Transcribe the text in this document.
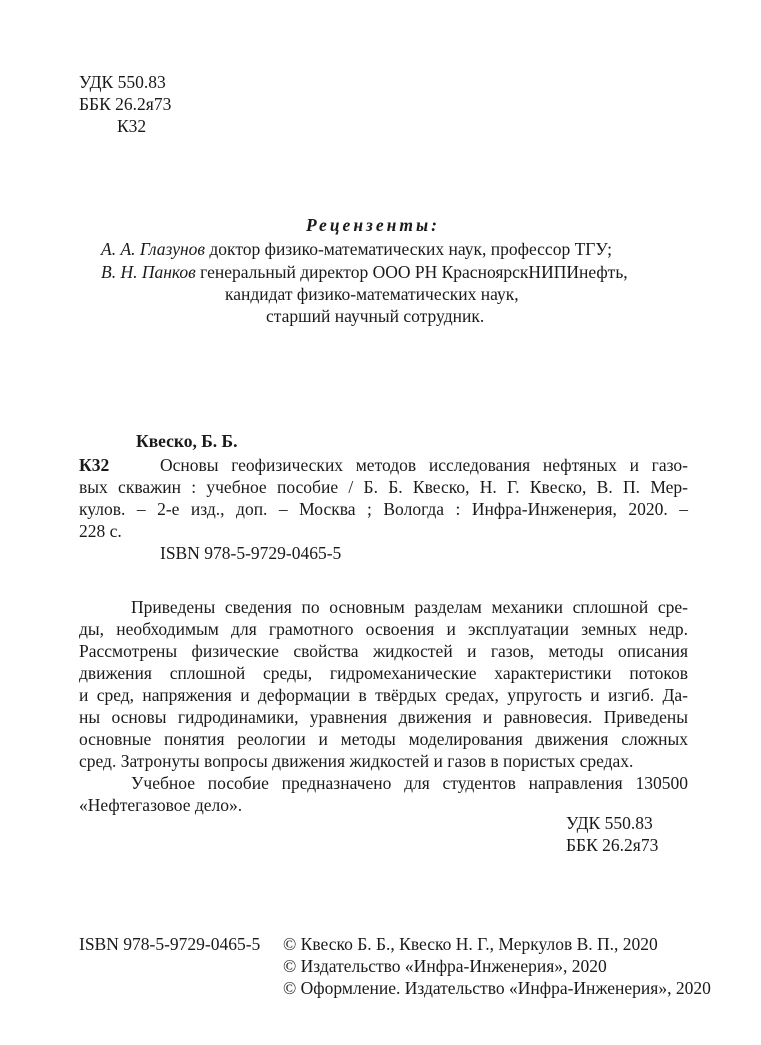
УДК 550.83
ББК 26.2я73
К32
Рецензенты:
А. А. Глазунов доктор физико-математических наук, профессор ТГУ;
В. Н. Панков генеральный директор ООО РН КрасноярскНИПИнефть,
кандидат физико-математических наук,
старший научный сотрудник.
Квеско, Б. Б.
К32	Основы геофизических методов исследования нефтяных и газо-
вых скважин : учебное пособие / Б. Б. Квеско, Н. Г. Квеско, В. П. Мер-
кулов. – 2-е изд., доп. – Москва ; Вологда : Инфра-Инженерия, 2020. –
228 с.
ISBN 978-5-9729-0465-5
Приведены сведения по основным разделам механики сплошной сре-
ды, необходимым для грамотного освоения и эксплуатации земных недр.
Рассмотрены физические свойства жидкостей и газов, методы описания
движения сплошной среды, гидромеханические характеристики потоков
и сред, напряжения и деформации в твёрдых средах, упругость и изгиб. Да-
ны основы гидродинамики, уравнения движения и равновесия. Приведены
основные понятия реологии и методы моделирования движения сложных
сред. Затронуты вопросы движения жидкостей и газов в пористых средах.
Учебное пособие предназначено для студентов направления 130500
«Нефтегазовое дело».
УДК 550.83
ББК 26.2я73
ISBN 978-5-9729-0465-5 © Квеско Б. Б., Квеско Н. Г., Меркулов В. П., 2020
© Издательство «Инфра-Инженерия», 2020
© Оформление. Издательство «Инфра-Инженерия», 2020
